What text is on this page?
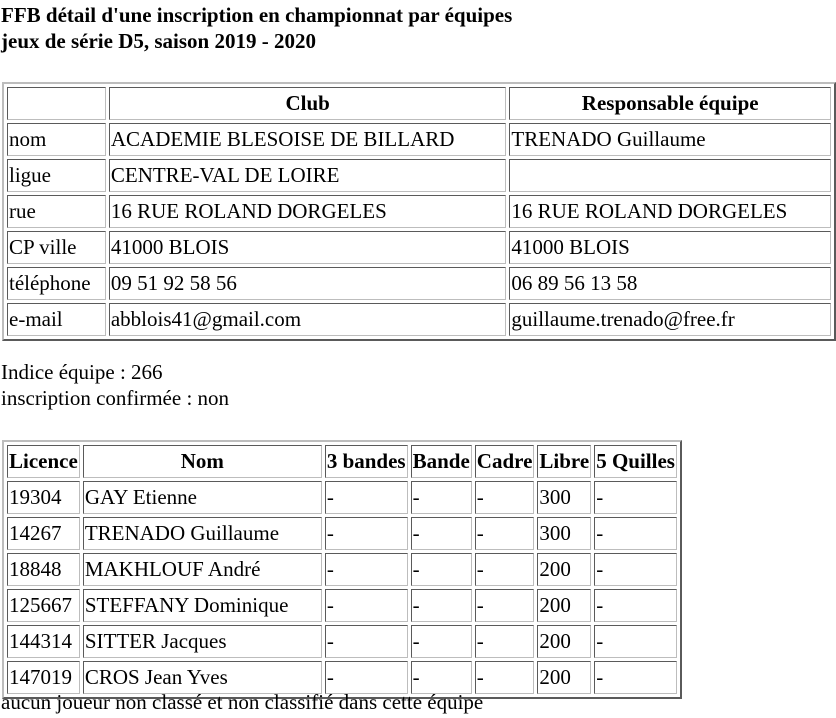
FFB détail d'une inscription en championnat par équipes
jeux de série D5, saison 2019 - 2020
	Club	Responsable équipe
nom	ACADEMIE BLESOISE DE BILLARD	TRENADO Guillaume
ligue	CENTRE-VAL DE LOIRE	
rue	16 RUE ROLAND DORGELES	16 RUE ROLAND DORGELES
CP ville	41000 BLOIS	41000 BLOIS
téléphone	09 51 92 58 56	06 89 56 13 58
e-mail	abblois41@gmail.com	guillaume.trenado@free.fr

Indice équipe : 266

inscription confirmée : non

Licence	Nom	3 bandes	Bande	Cadre	Libre	5 Quilles
19304	GAY Etienne	-	-	-	300	-
14267	TRENADO Guillaume	-	-	-	300	-
18848	MAKHLOUF André	-	-	-	200	-
125667	STEFFANY Dominique	-	-	-	200	-
144314	SITTER Jacques	-	-	-	200	-
147019	CROS Jean Yves	-	-	-	200	-

aucun joueur non classé et non classifié dans cette équipe
